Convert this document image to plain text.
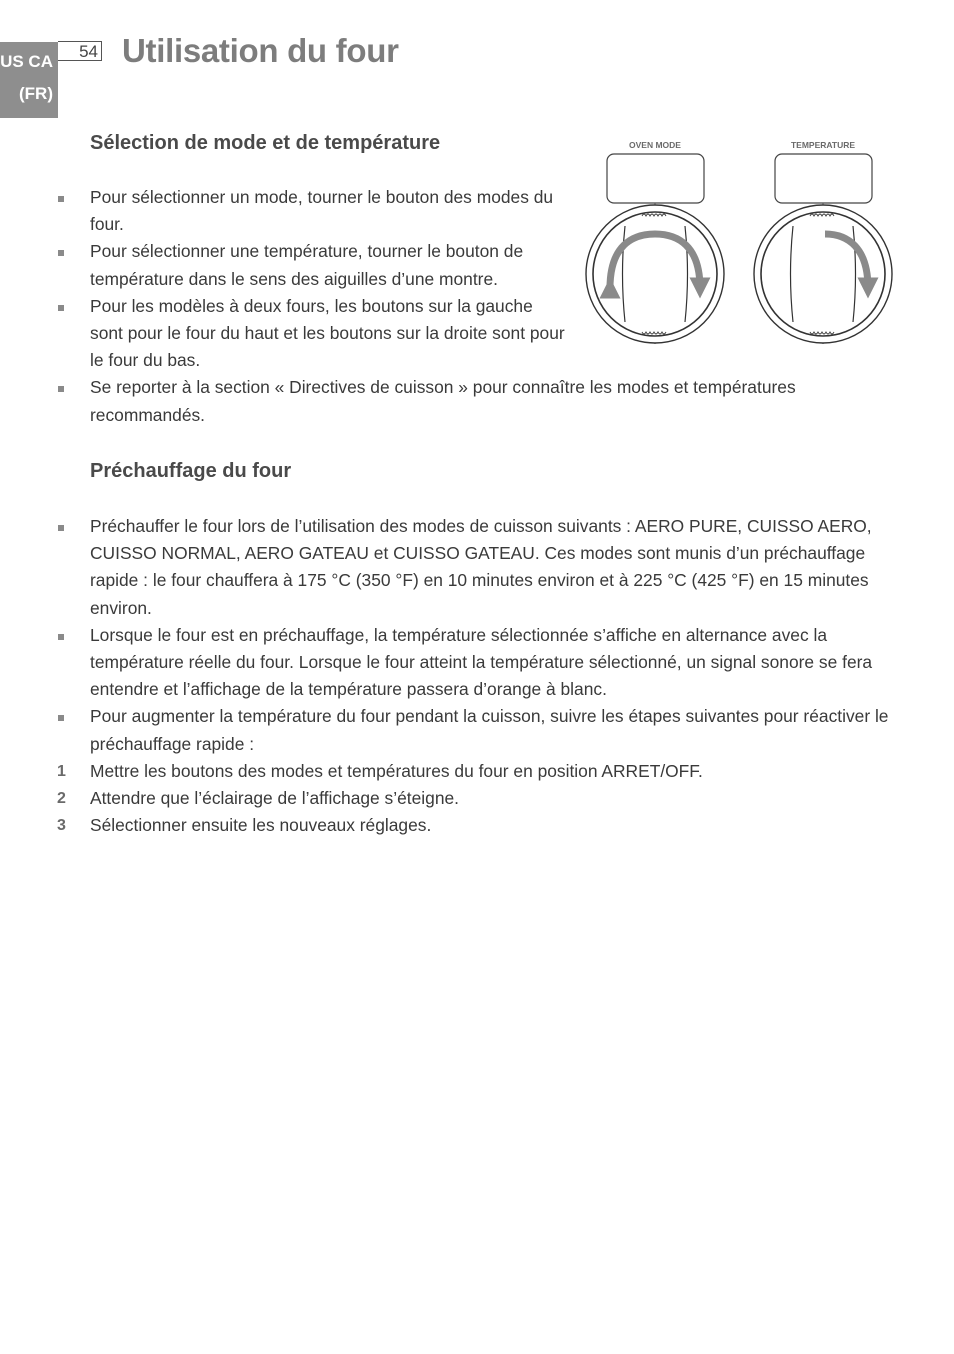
US CA
(FR)
54 Utilisation du four
Sélection de mode et de température
Pour sélectionner un mode, tourner le bouton des modes du four.
Pour sélectionner une température, tourner le bouton de température dans le sens des aiguilles d’une montre.
Pour les modèles à deux fours, les boutons sur la gauche sont pour le four du haut et les boutons sur la droite sont pour le four du bas.
Se reporter à la section « Directives de cuisson » pour connaître les modes et températures recommandés.
OVEN MODE	TEMPERATURE
Préchauffage du four
Préchauffer le four lors de l’utilisation des modes de cuisson suivants : AERO PURE, CUISSO AERO, CUISSO NORMAL, AERO GATEAU et CUISSO GATEAU. Ces modes sont munis d’un préchauffage rapide : le four chauffera à 175 °C (350 °F) en 10 minutes environ et à 225 °C (425 °F) en 15 minutes environ.
Lorsque le four est en préchauffage, la température sélectionnée s’affiche en alternance avec la température réelle du four. Lorsque le four atteint la température sélectionné, un signal sonore se fera entendre et l’affichage de la température passera d’orange à blanc.
Pour augmenter la température du four pendant la cuisson, suivre les étapes suivantes pour réactiver le préchauffage rapide :
1 Mettre les boutons des modes et températures du four en position ARRET/OFF.
2 Attendre que l’éclairage de l’affichage s’éteigne.
3 Sélectionner ensuite les nouveaux réglages.
